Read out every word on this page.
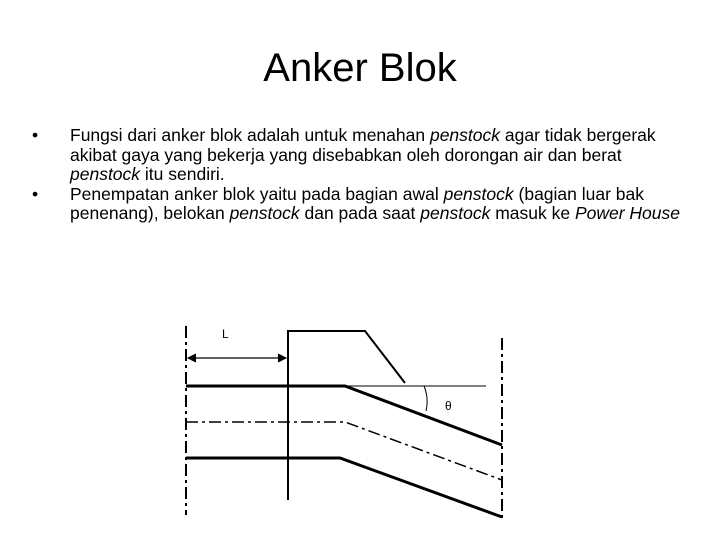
Anker Blok
• Fungsi dari anker blok adalah untuk menahan penstock agar tidak bergerak akibat gaya yang bekerja yang disebabkan oleh dorongan air dan berat penstock itu sendiri.
• Penempatan anker blok yaitu pada bagian awal penstock (bagian luar bak penenang), belokan penstock dan pada saat penstock masuk ke Power House
L
θ
